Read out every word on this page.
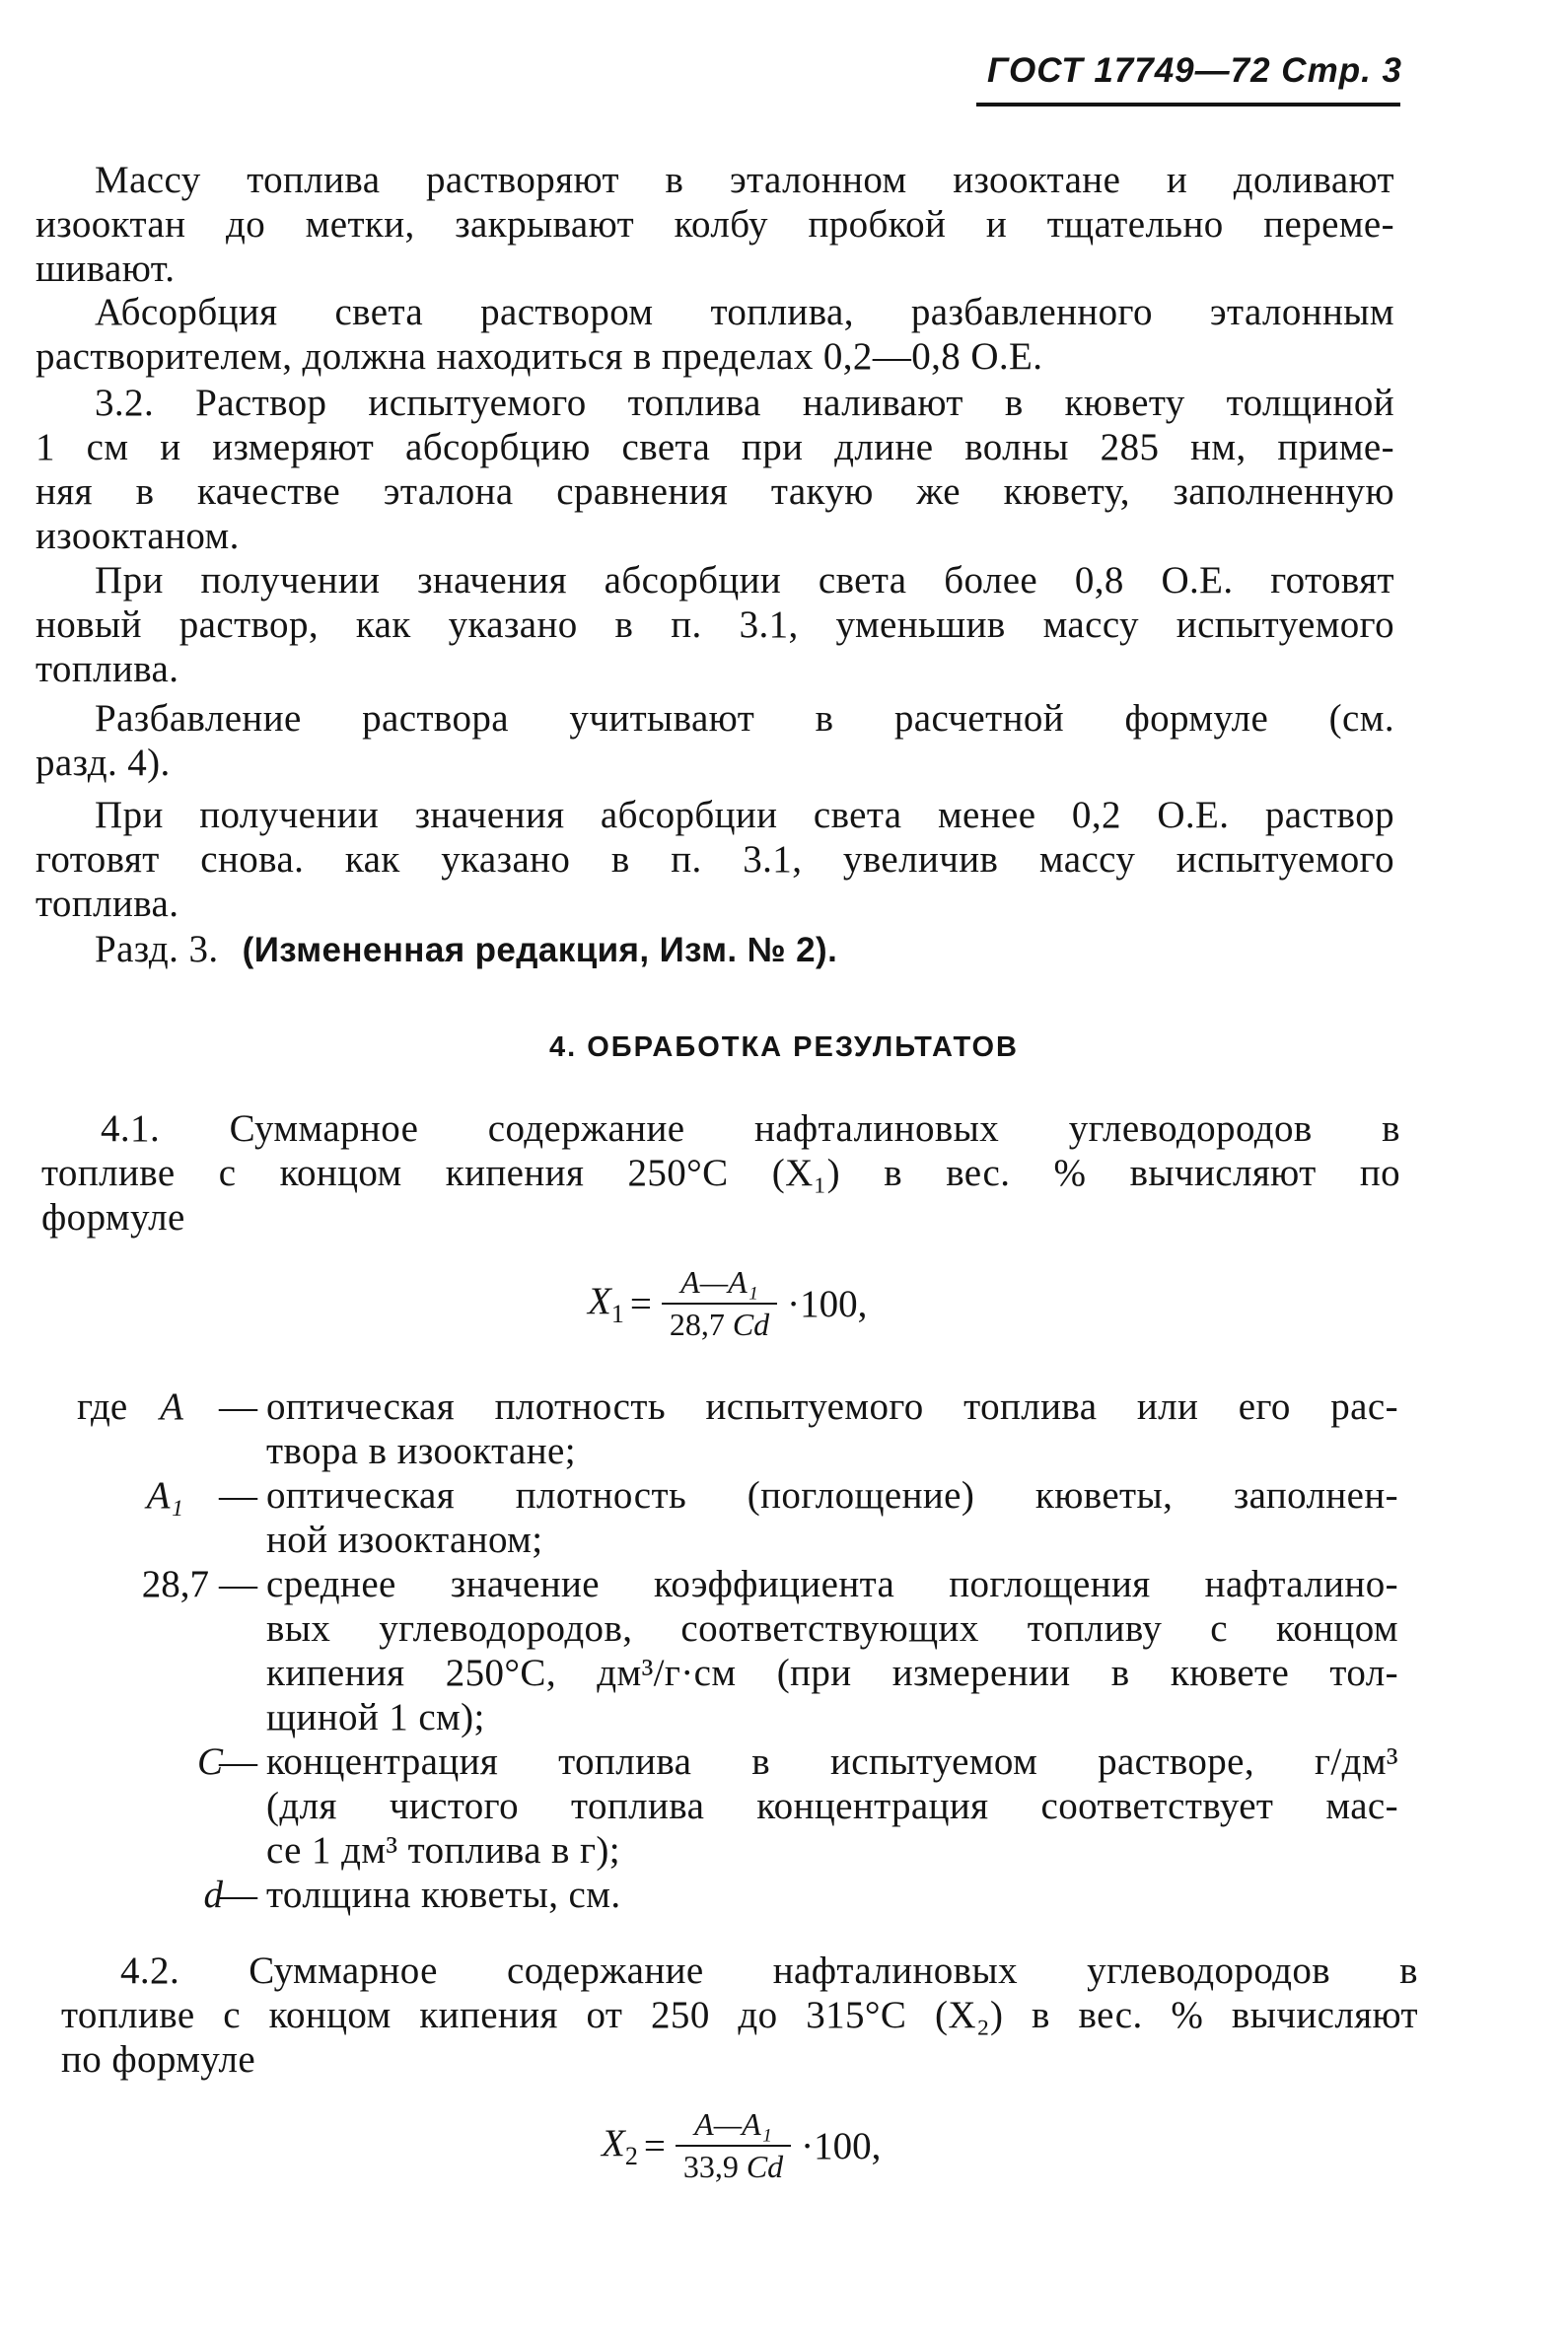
ГОСТ 17749—72 Стр. 3
Массу топлива растворяют в эталонном изооктане и доливают
изооктан до метки, закрывают колбу пробкой и тщательно переме-
шивают.
Абсорбция света раствором топлива, разбавленного эталонным
растворителем, должна находиться в пределах 0,2—0,8 О.Е.
3.2. Раствор испытуемого топлива наливают в кювету толщиной
1 см и измеряют абсорбцию света при длине волны 285 нм, приме-
няя в качестве эталона сравнения такую же кювету, заполненную
изооктаном.
При получении значения абсорбции света более 0,8 О.Е. готовят
новый раствор, как указано в п. 3.1, уменьшив массу испытуемого
топлива.
Разбавление раствора учитывают в расчетной формуле (см.
разд. 4).
При получении значения абсорбции света менее 0,2 О.Е. раствор
готовят снова. как указано в п. 3.1, увеличив массу испытуемого
топлива.
Разд. 3. (Измененная редакция, Изм. № 2).
4. ОБРАБОТКА РЕЗУЛЬТАТОВ
4.1. Суммарное содержание нафталиновых углеводородов в
топливе с концом кипения 250°С (X₁) в вес. % вычисляют по
формуле
$X_1 = \frac{\text{A—A₁}}{28,7 Cd} \cdot 100$,
где A — оптическая плотность испытуемого топлива или его рас-
твора в изооктане;
A₁ — оптическая плотность (поглощение) кюветы, заполнен-
ной изооктаном;
28,7 — среднее значение коэффициента поглощения нафталино-
вых углеводородов, соответствующих топливу с концом
кипения 250°С, дм³/г·см (при измерении в кювете тол-
щиной 1 см);
C
— концентрация топлива в испытуемом растворе, г/дм³
(для чистого топлива концентрация соответствует мас-
се 1 дм³ топлива в г);
d
— толщина кюветы, см.
4.2. Суммарное содержание нафталиновых углеводородов в
топливе с концом кипения от 250 до 315°С (X₂) в вес. % вычисляют
по формуле
$X_2 = \frac{\text{A—A₁}}{33,9 Cd} \cdot 100$,
